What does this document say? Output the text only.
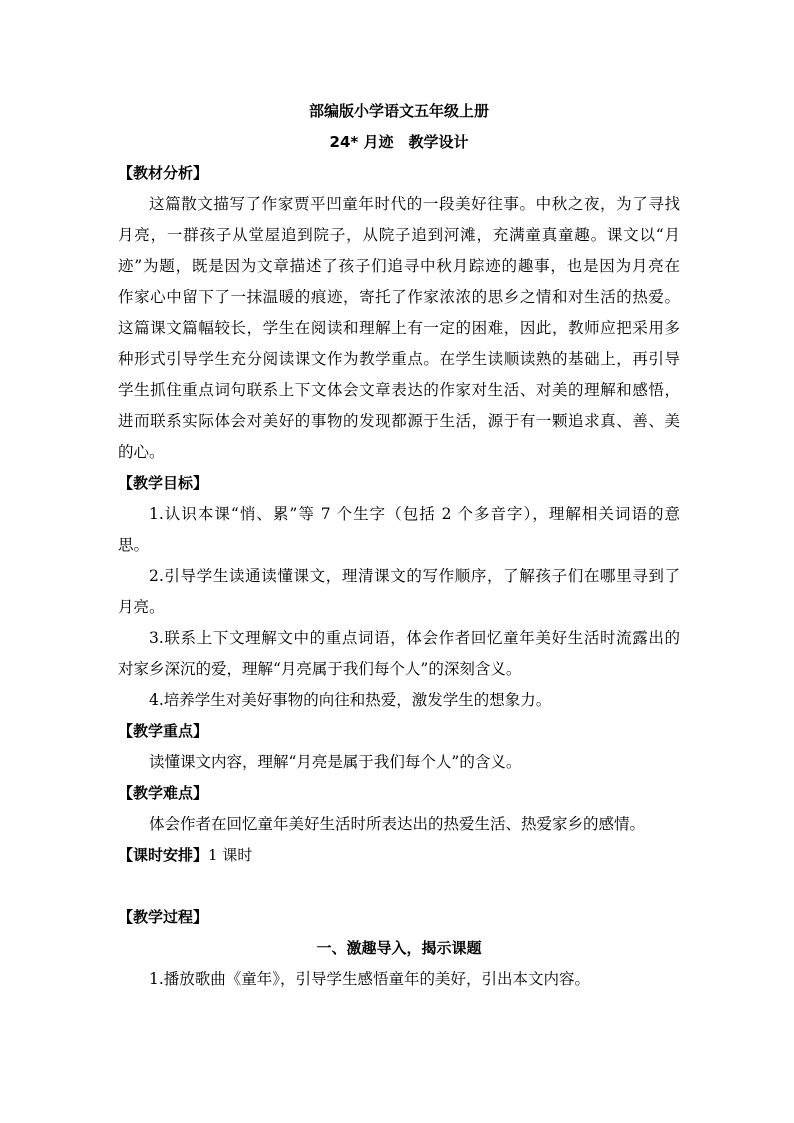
部编版小学语文五年级上册
24* 月迹　教学设计
【教材分析】
这篇散文描写了作家贾平凹童年时代的一段美好往事。中秋之夜，为了寻找
月亮，一群孩子从堂屋追到院子，从院子追到河滩，充满童真童趣。课文以“月
迹”为题，既是因为文章描述了孩子们追寻中秋月踪迹的趣事，也是因为月亮在
作家心中留下了一抹温暖的痕迹，寄托了作家浓浓的思乡之情和对生活的热爱。
这篇课文篇幅较长，学生在阅读和理解上有一定的困难，因此，教师应把采用多
种形式引导学生充分阅读课文作为教学重点。在学生读顺读熟的基础上，再引导
学生抓住重点词句联系上下文体会文章表达的作家对生活、对美的理解和感悟，
进而联系实际体会对美好的事物的发现都源于生活，源于有一颗追求真、善、美
的心。
【教学目标】
1.认识本课“悄、累”等 7 个生字（包括 2 个多音字），理解相关词语的意
思。
2.引导学生读通读懂课文，理清课文的写作顺序，了解孩子们在哪里寻到了
月亮。
3.联系上下文理解文中的重点词语，体会作者回忆童年美好生活时流露出的
对家乡深沉的爱，理解“月亮属于我们每个人”的深刻含义。
4.培养学生对美好事物的向往和热爱，激发学生的想象力。
【教学重点】
读懂课文内容，理解“月亮是属于我们每个人”的含义。
【教学难点】
体会作者在回忆童年美好生活时所表达出的热爱生活、热爱家乡的感情。
【课时安排】1 课时
【教学过程】
一、激趣导入，揭示课题
1.播放歌曲《童年》，引导学生感悟童年的美好，引出本文内容。
